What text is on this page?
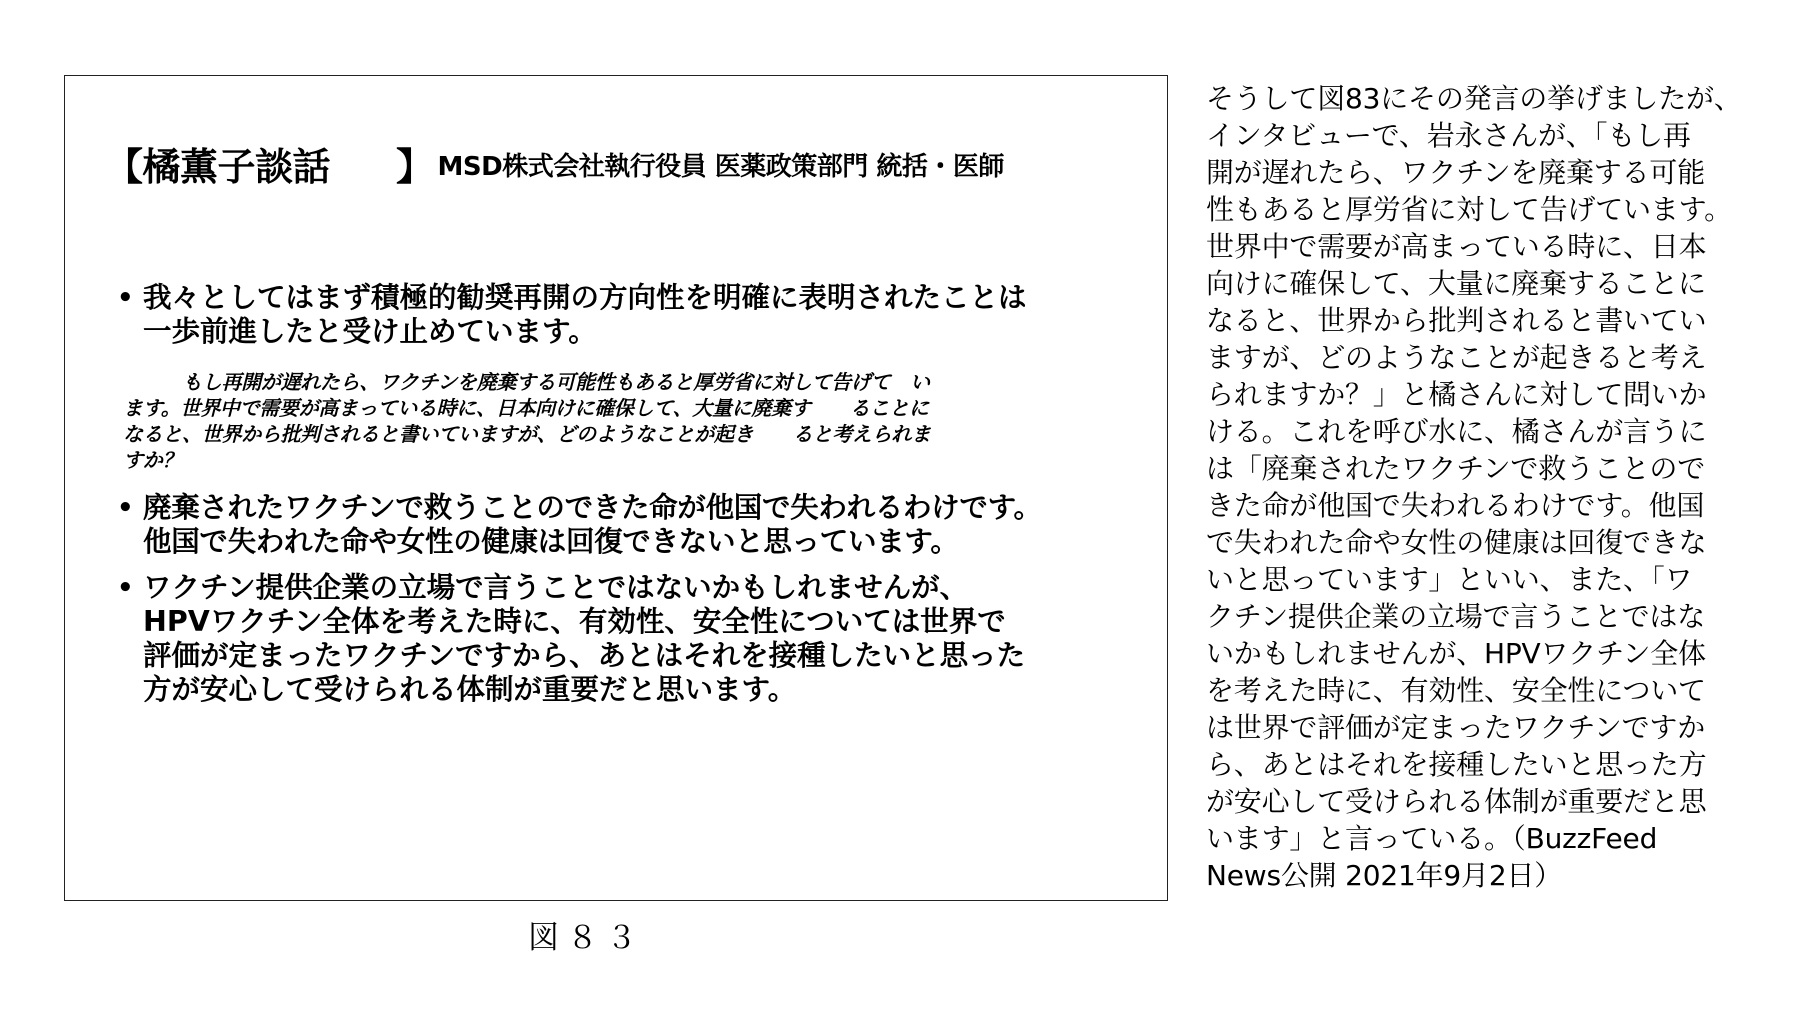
【橘薫子談話 】 MSD株式会社執行役員 医薬政策部門 統括・医師
• 我々としてはまず積極的勧奨再開の方向性を明確に表明されたことは
一歩前進したと受け止めています。
　　　もし再開が遅れたら、ワクチンを廃棄する可能性もあると厚労省に対して告げて　い
ます。世界中で需要が高まっている時に、日本向けに確保して、大量に廃棄す　　ることに
なると、世界から批判されると書いていますが、どのようなことが起き　　ると考えられま
すか？
• 廃棄されたワクチンで救うことのできた命が他国で失われるわけです。
他国で失われた命や女性の健康は回復できないと思っています。
• ワクチン提供企業の立場で言うことではないかもしれませんが、
HPVワクチン全体を考えた時に、有効性、安全性については世界で
評価が定まったワクチンですから、あとはそれを接種したいと思った
方が安心して受けられる体制が重要だと思います。
図８３
そうして図83にその発言の挙げましたが、
インタビューで、岩永さんが、「もし再
開が遅れたら、ワクチンを廃棄する可能
性もあると厚労省に対して告げています。
世界中で需要が高まっている時に、日本
向けに確保して、大量に廃棄することに
なると、世界から批判されると書いてい
ますが、どのようなことが起きると考え
られますか？」と橘さんに対して問いか
ける。これを呼び水に、橘さんが言うに
は「廃棄されたワクチンで救うことので
きた命が他国で失われるわけです。他国
で失われた命や女性の健康は回復できな
いと思っています」といい、また、「ワ
クチン提供企業の立場で言うことではな
いかもしれませんが、HPVワクチン全体
を考えた時に、有効性、安全性について
は世界で評価が定まったワクチンですか
ら、あとはそれを接種したいと思った方
が安心して受けられる体制が重要だと思
います」と言っている。（BuzzFeed
News公開 2021年9月2日）
